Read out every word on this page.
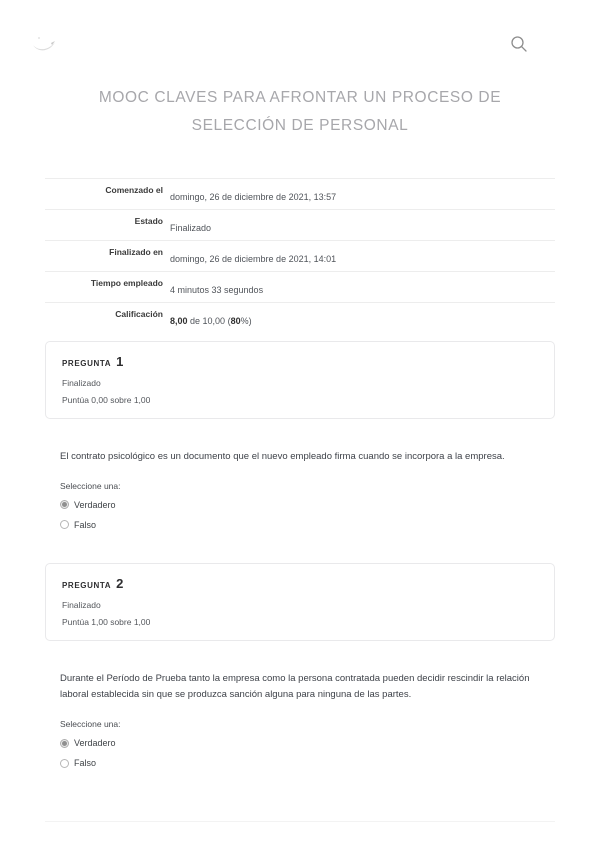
MOOC CLAVES PARA AFRONTAR UN PROCESO DE SELECCIÓN DE PERSONAL
Comenzado el
domingo, 26 de diciembre de 2021, 13:57
Estado
Finalizado
Finalizado en
domingo, 26 de diciembre de 2021, 14:01
Tiempo empleado
4 minutos 33 segundos
Calificación
8,00 de 10,00 (80%)
PREGUNTA 1
Finalizado
Puntúa 0,00 sobre 1,00
El contrato psicológico es un documento que el nuevo empleado firma cuando se incorpora a la empresa.
Seleccione una:
Verdadero
Falso
PREGUNTA 2
Finalizado
Puntúa 1,00 sobre 1,00
Durante el Período de Prueba tanto la empresa como la persona contratada pueden decidir rescindir la relación laboral establecida sin que se produzca sanción alguna para ninguna de las partes.
Seleccione una:
Verdadero
Falso
